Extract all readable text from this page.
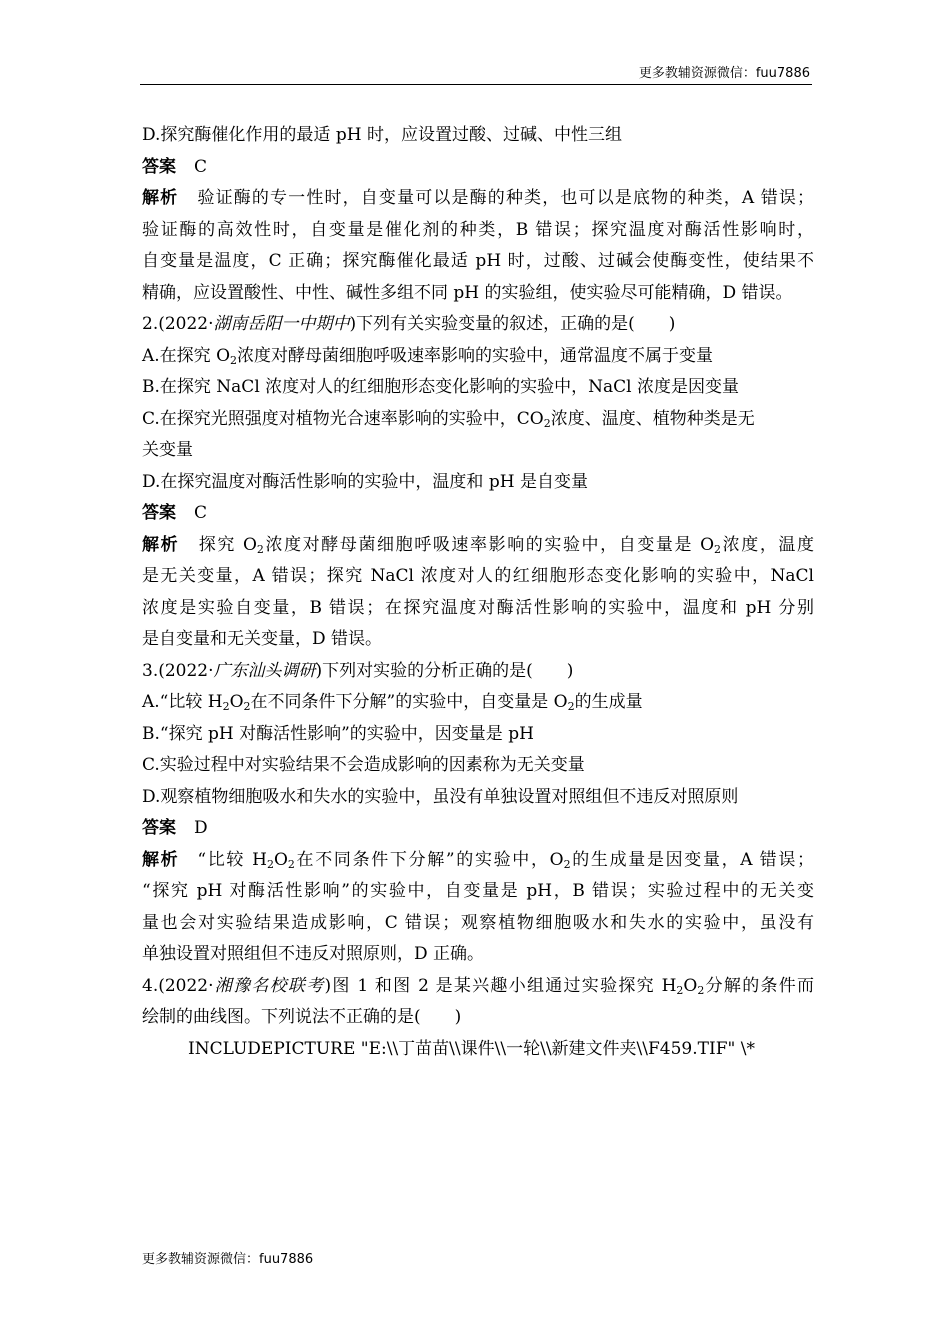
更多教辅资源微信：fuu7886
D.探究酶催化作用的最适 pH 时，应设置过酸、过碱、中性三组
答案 C
解析 验证酶的专一性时，自变量可以是酶的种类，也可以是底物的种类，A 错误；
验证酶的高效性时，自变量是催化剂的种类，B 错误；探究温度对酶活性影响时，
自变量是温度，C 正确；探究酶催化最适 pH 时，过酸、过碱会使酶变性，使结果不
精确，应设置酸性、中性、碱性多组不同 pH 的实验组，使实验尽可能精确，D 错误。
2.(2022·湖南岳阳一中期中)下列有关实验变量的叙述，正确的是(　　)
A.在探究 $O_2$浓度对酵母菌细胞呼吸速率影响的实验中，通常温度不属于变量
B.在探究 NaCl 浓度对人的红细胞形态变化影响的实验中，NaCl 浓度是因变量
C.在探究光照强度对植物光合速率影响的实验中，$CO_2$浓度、温度、植物种类是无
关变量
D.在探究温度对酶活性影响的实验中，温度和 pH 是自变量
答案 C
解析 探究 $O_2$浓度对酵母菌细胞呼吸速率影响的实验中，自变量是 $O_2$浓度，温度
是无关变量，A 错误；探究 NaCl 浓度对人的红细胞形态变化影响的实验中，NaCl
浓度是实验自变量，B 错误；在探究温度对酶活性影响的实验中，温度和 pH 分别
是自变量和无关变量，D 错误。
3.(2022·广东汕头调研)下列对实验的分析正确的是(　　)
A.“比较 $H_2O_2$在不同条件下分解”的实验中，自变量是 $O_2$的生成量
B.“探究 pH 对酶活性影响”的实验中，因变量是 pH
C.实验过程中对实验结果不会造成影响的因素称为无关变量
D.观察植物细胞吸水和失水的实验中，虽没有单独设置对照组但不违反对照原则
答案 D
解析 “比较 $H_2O_2$在不同条件下分解”的实验中，$O_2$的生成量是因变量，A 错误；
“探究 pH 对酶活性影响”的实验中，自变量是 pH，B 错误；实验过程中的无关变
量也会对实验结果造成影响，C 错误；观察植物细胞吸水和失水的实验中，虽没有
单独设置对照组但不违反对照原则，D 正确。
4.(2022·湘豫名校联考)图 1 和图 2 是某兴趣小组通过实验探究 $H_2O_2$分解的条件而
绘制的曲线图。下列说法不正确的是(　　)
INCLUDEPICTURE "E:\\丁苗苗\\课件\\一轮\\新建文件夹\\F459.TIF" \*
更多教辅资源微信：fuu7886
